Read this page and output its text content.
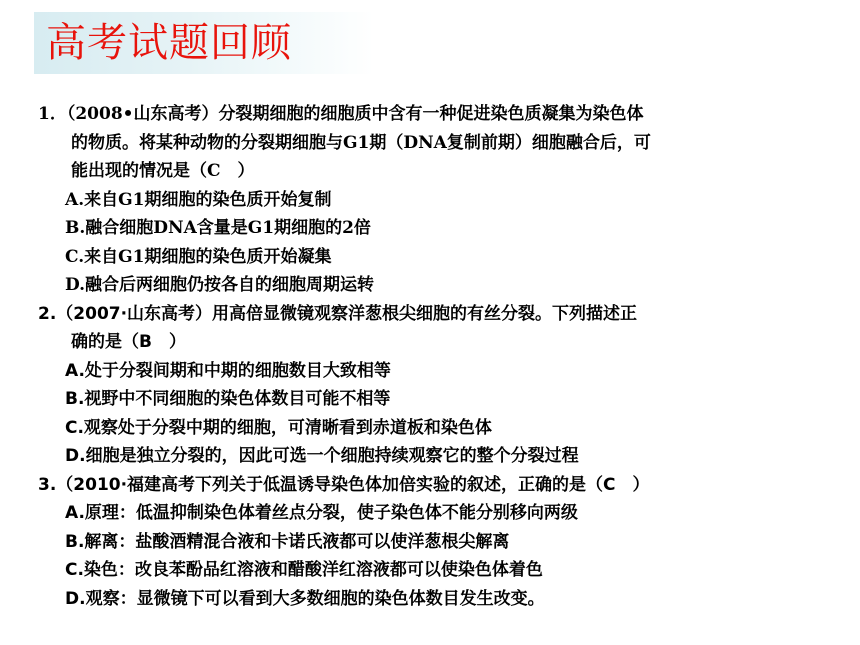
高考试题回顾
1．（2008•山东高考）分裂期细胞的细胞质中含有一种促进染色质凝集为染色体
的物质。将某种动物的分裂期细胞与G1期（DNA复制前期）细胞融合后，可
能出现的情况是（C　）
A.来自G1期细胞的染色质开始复制
B.融合细胞DNA含量是G1期细胞的2倍
C.来自G1期细胞的染色质开始凝集
D.融合后两细胞仍按各自的细胞周期运转
2.（2007·山东高考）用高倍显微镜观察洋葱根尖细胞的有丝分裂。下列描述正
确的是（B　）
A.处于分裂间期和中期的细胞数目大致相等
B.视野中不同细胞的染色体数目可能不相等
C.观察处于分裂中期的细胞，可清晰看到赤道板和染色体
D.细胞是独立分裂的，因此可选一个细胞持续观察它的整个分裂过程
3.（2010·福建高考下列关于低温诱导染色体加倍实验的叙述，正确的是（C　）
A.原理：低温抑制染色体着丝点分裂，使子染色体不能分别移向两级
B.解离：盐酸酒精混合液和卡诺氏液都可以使洋葱根尖解离
C.染色：改良苯酚品红溶液和醋酸洋红溶液都可以使染色体着色
D.观察：显微镜下可以看到大多数细胞的染色体数目发生改变。
